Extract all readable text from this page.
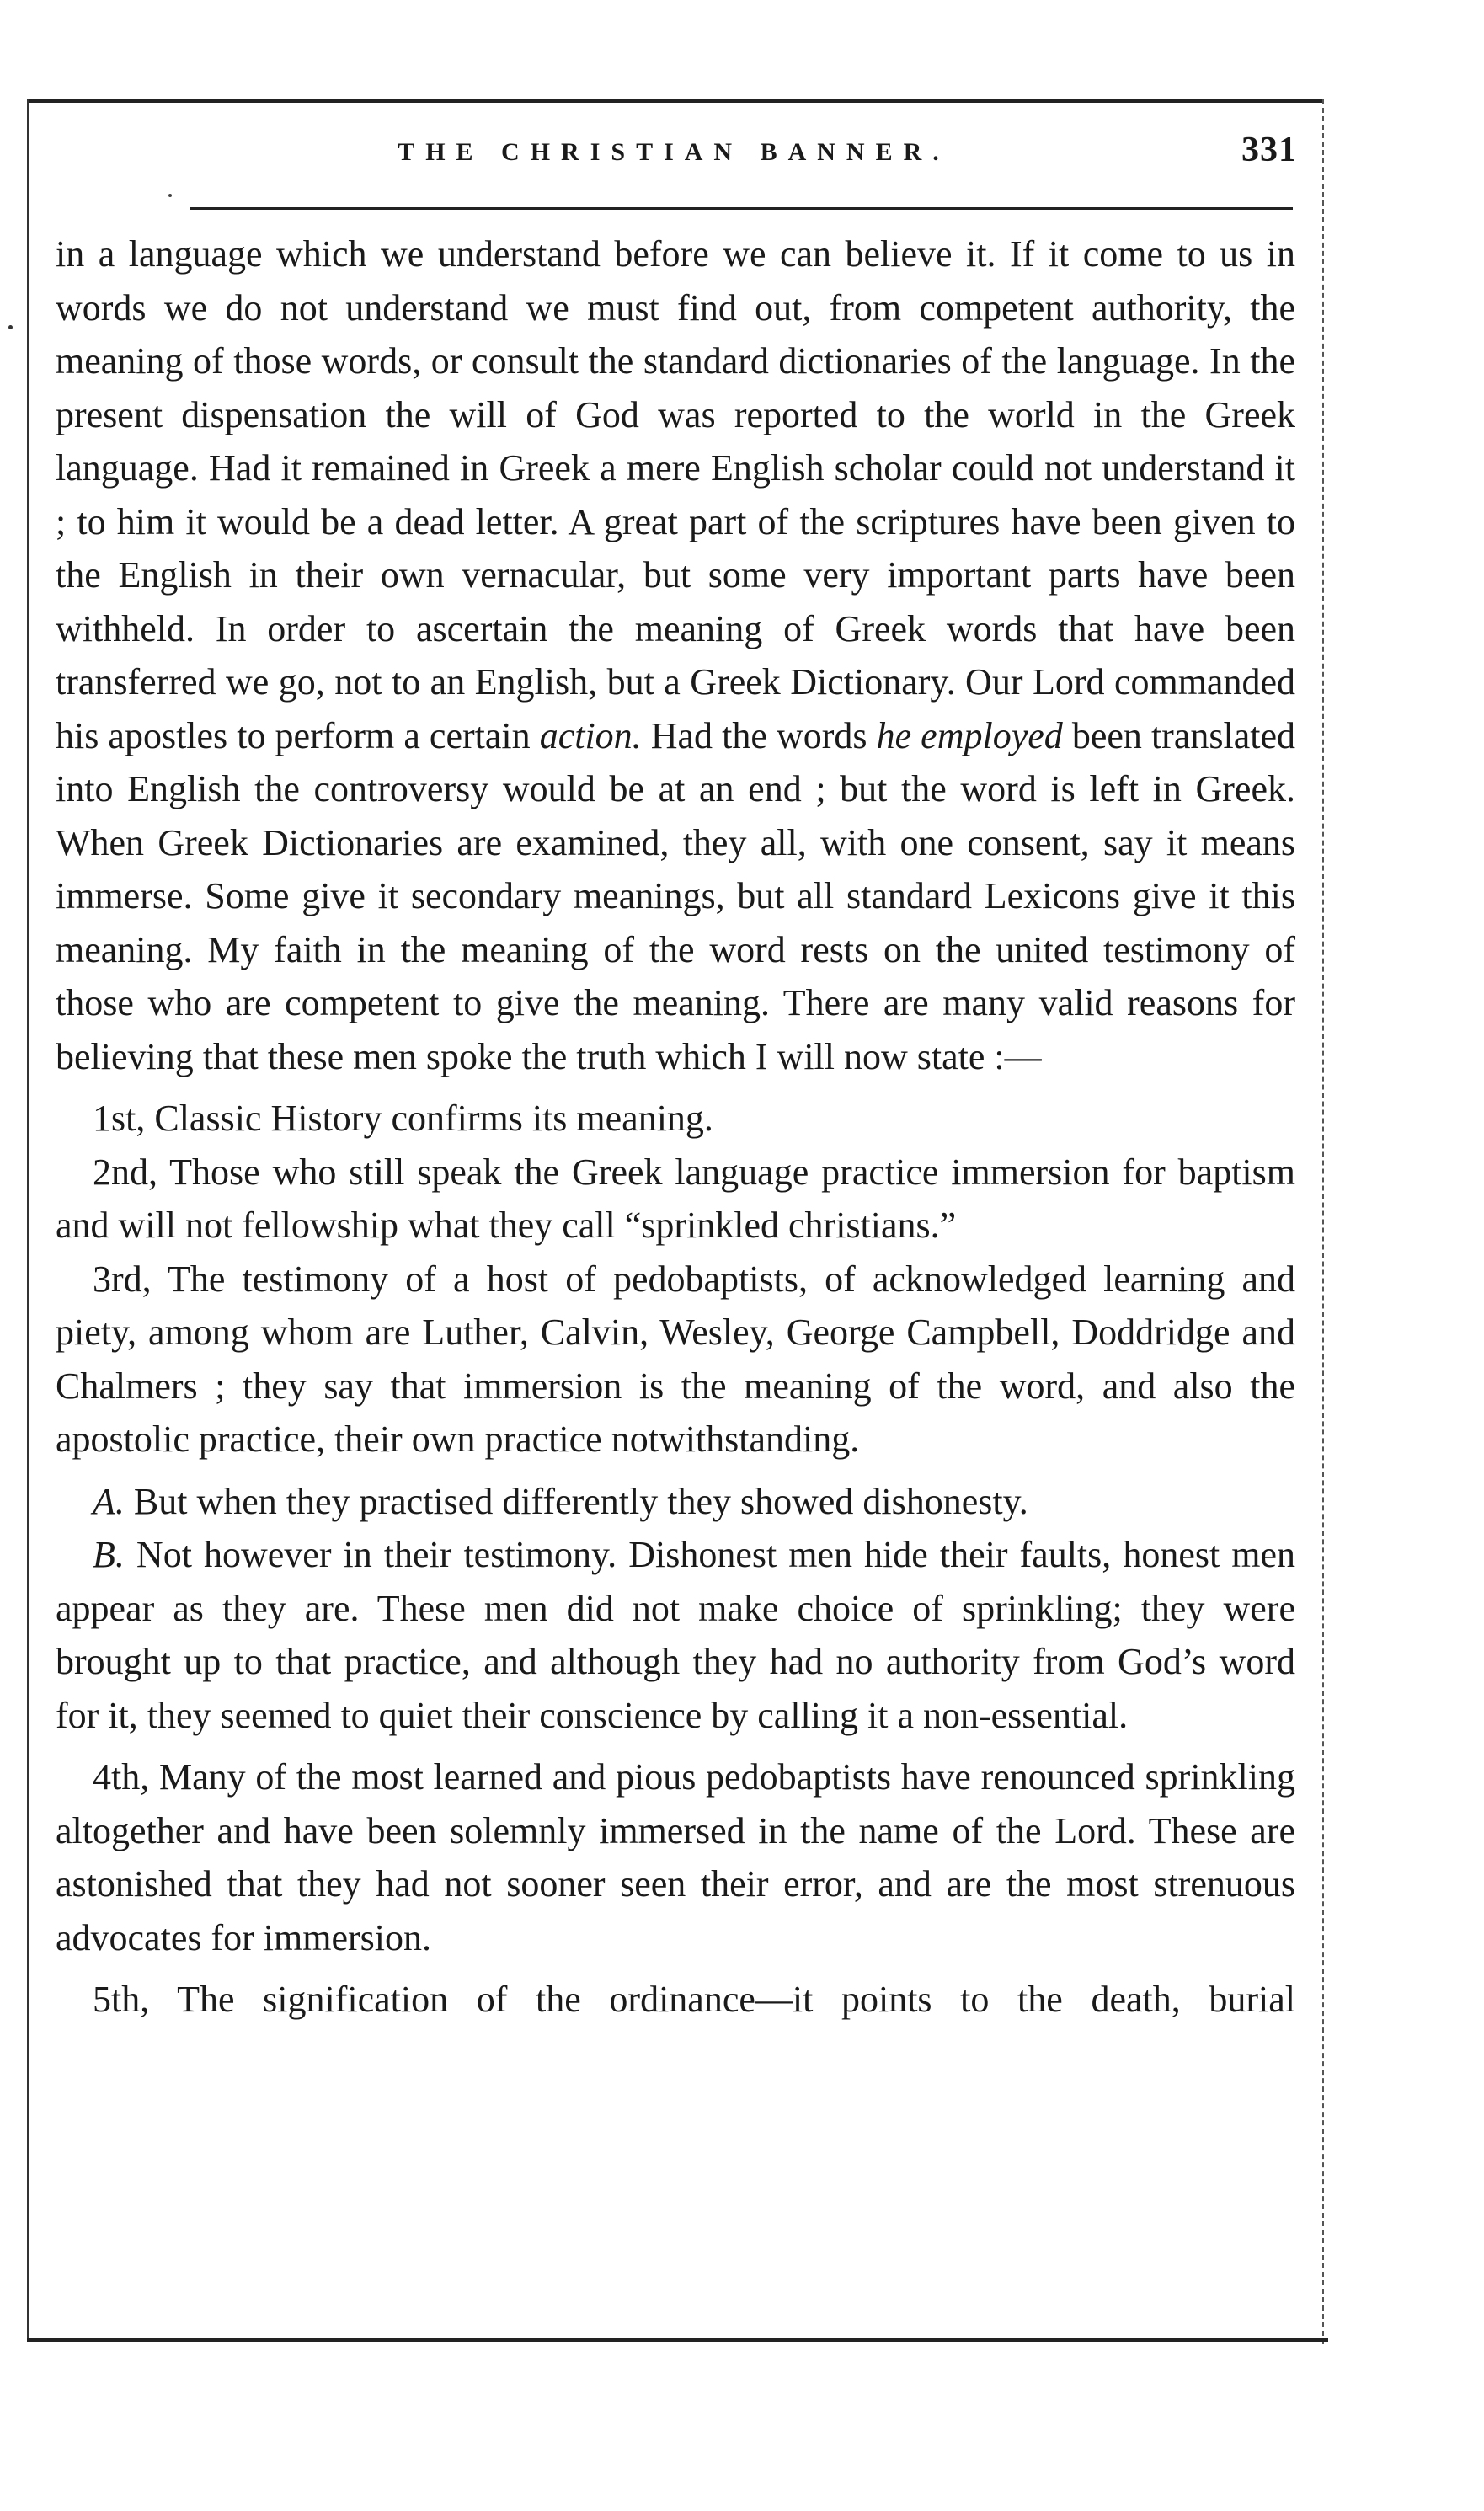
THE CHRISTIAN BANNER.	331

in a language which we understand before we can believe it. If it come to us in words we do not understand we must find out, from competent authority, the meaning of those words, or consult the standard dictionaries of the language. In the present dispensation the will of God was reported to the world in the Greek language. Had it remained in Greek a mere English scholar could not understand it ; to him it would be a dead letter. A great part of the scriptures have been given to the English in their own vernacular, but some very important parts have been withheld. In order to ascertain the meaning of Greek words that have been transferred we go, not to an English, but a Greek Dictionary. Our Lord commanded his apostles to perform a certain action. Had the words he employed been translated into English the controversy would be at an end ; but the word is left in Greek. When Greek Dictionaries are examined, they all, with one consent, say it means immerse. Some give it secondary meanings, but all standard Lexicons give it this meaning. My faith in the meaning of the word rests on the united testimony of those who are competent to give the meaning. There are many valid reasons for believing that these men spoke the truth which I will now state :—

1st, Classic History confirms its meaning.

2nd, Those who still speak the Greek language practice immersion for baptism and will not fellowship what they call “sprinkled christians.”

3rd, The testimony of a host of pedobaptists, of acknowledged learning and piety, among whom are Luther, Calvin, Wesley, George Campbell, Doddridge and Chalmers ; they say that immersion is the meaning of the word, and also the apostolic practice, their own practice notwithstanding.

A. But when they practised differently they showed dishonesty.

B. Not however in their testimony. Dishonest men hide their faults, honest men appear as they are. These men did not make choice of sprinkling; they were brought up to that practice, and although they had no authority from God’s word for it, they seemed to quiet their conscience by calling it a non-essential.

4th, Many of the most learned and pious pedobaptists have renounced sprinkling altogether and have been solemnly immersed in the name of the Lord. These are astonished that they had not sooner seen their error, and are the most strenuous advocates for immersion.

5th, The signification of the ordinance—it points to the death, burial
